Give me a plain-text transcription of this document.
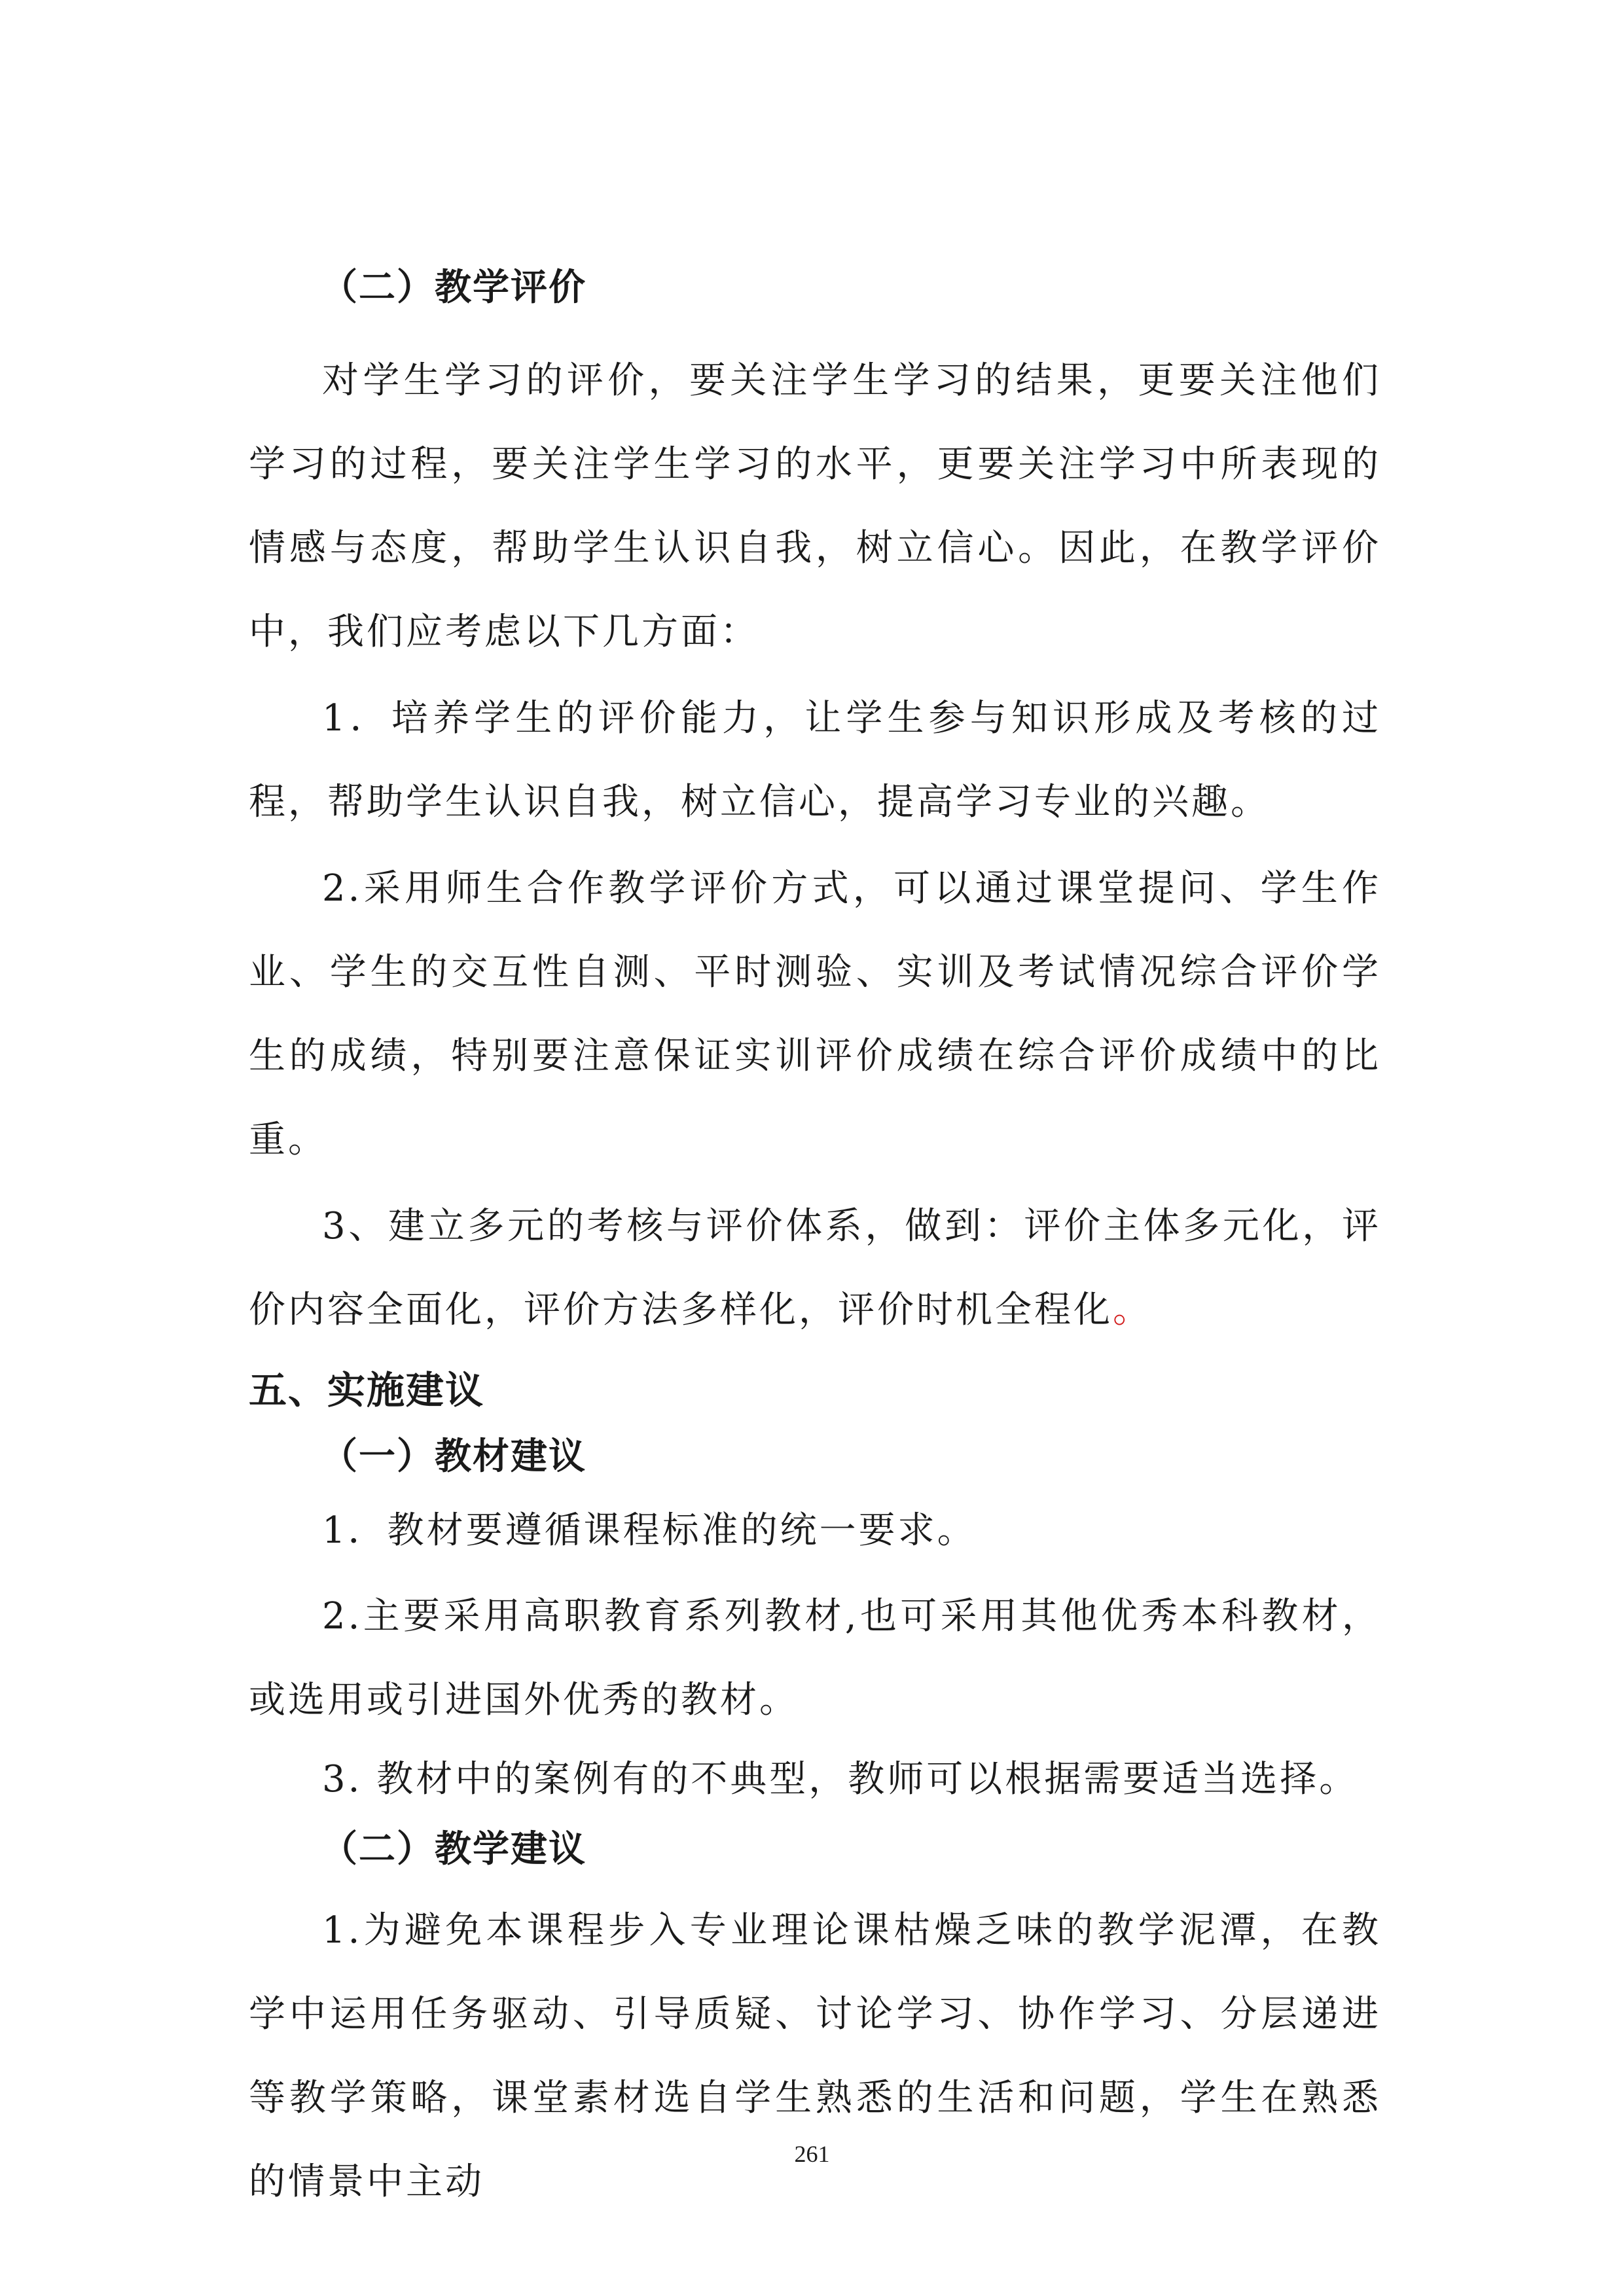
（二）教学评价

对学生学习的评价，要关注学生学习的结果，更要关注他们学习的过程，要关注学生学习的水平，更要关注学习中所表现的情感与态度，帮助学生认识自我，树立信心。因此，在教学评价中，我们应考虑以下几方面：

1．培养学生的评价能力，让学生参与知识形成及考核的过程，帮助学生认识自我，树立信心，提高学习专业的兴趣。

2.采用师生合作教学评价方式，可以通过课堂提问、学生作业、学生的交互性自测、平时测验、实训及考试情况综合评价学生的成绩，特别要注意保证实训评价成绩在综合评价成绩中的比重。

3、建立多元的考核与评价体系，做到：评价主体多元化，评价内容全面化，评价方法多样化，评价时机全程化。

五、实施建议
（一）教材建议

1．教材要遵循课程标准的统一要求。

2.主要采用高职教育系列教材,也可采用其他优秀本科教材，或选用或引进国外优秀的教材。

3. 教材中的案例有的不典型，教师可以根据需要适当选择。

（二）教学建议

1.为避免本课程步入专业理论课枯燥乏味的教学泥潭，在教学中运用任务驱动、引导质疑、讨论学习、协作学习、分层递进等教学策略，课堂素材选自学生熟悉的生活和问题，学生在熟悉的情景中主动

261
